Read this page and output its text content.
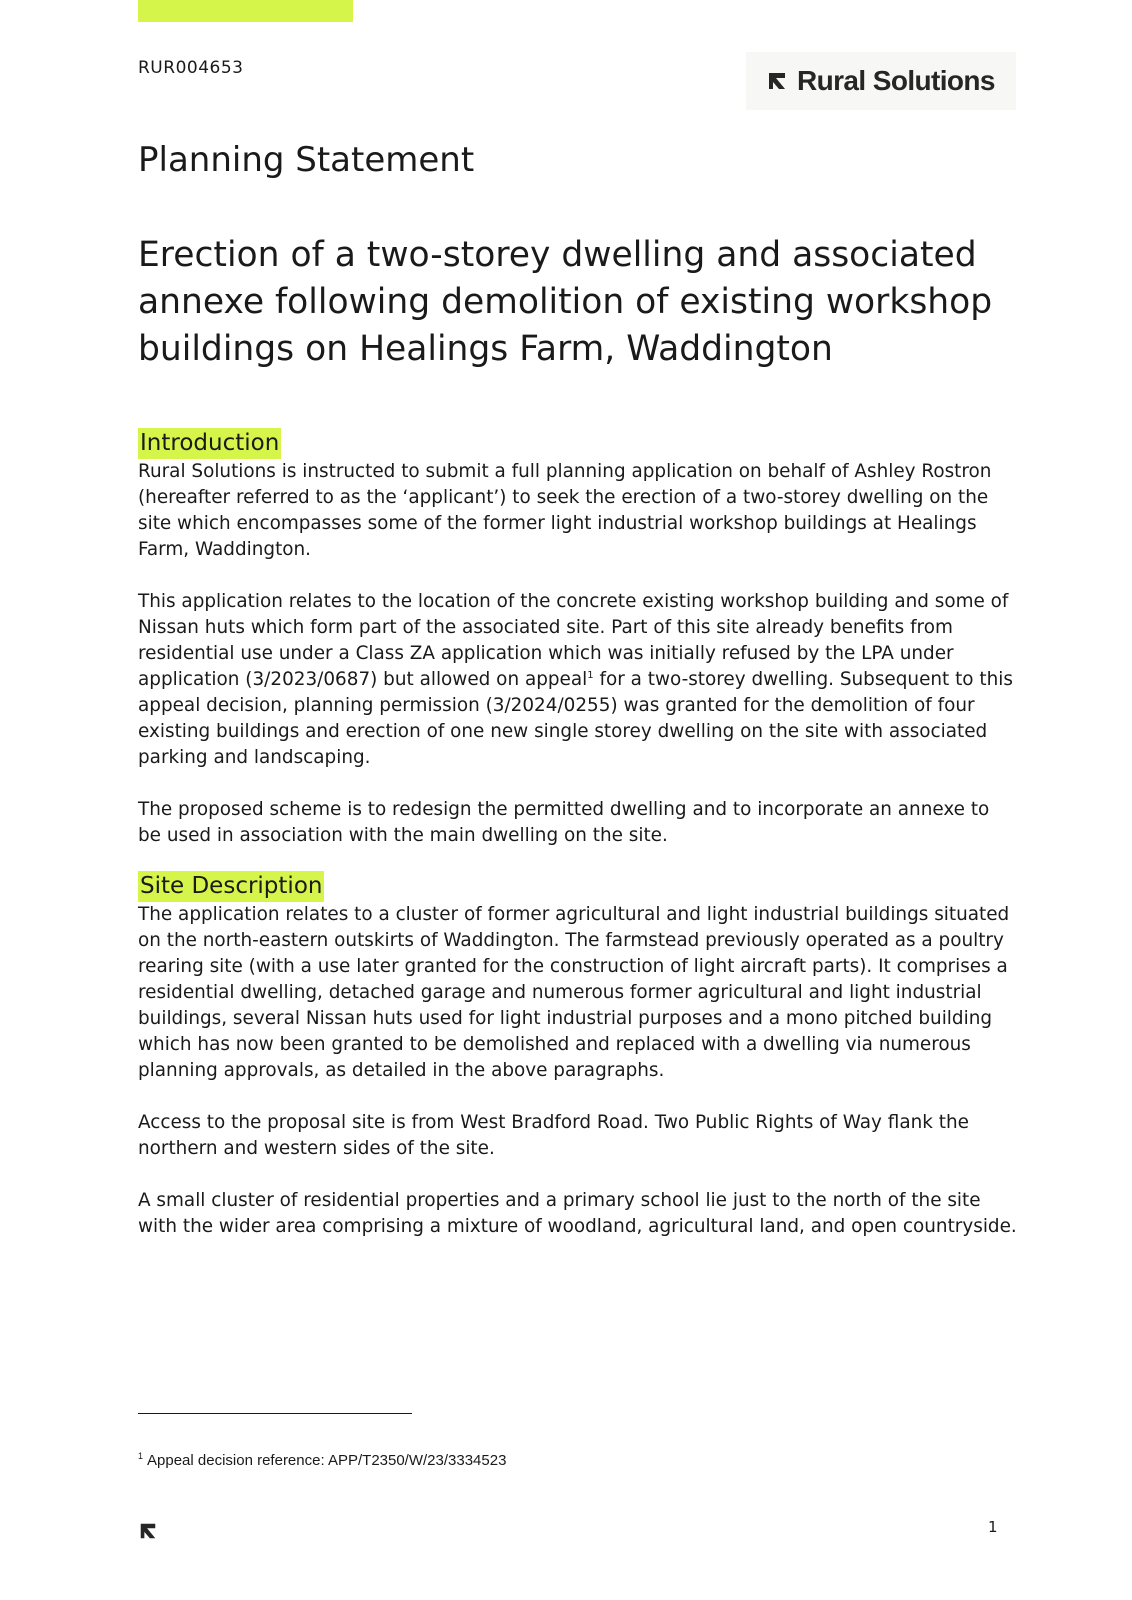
RUR004653	Rural Solutions
Planning Statement
Erection of a two-storey dwelling and associated annexe following demolition of existing workshop buildings on Healings Farm, Waddington
Introduction

Rural Solutions is instructed to submit a full planning application on behalf of Ashley Rostron (hereafter referred to as the ‘applicant’) to seek the erection of a two-storey dwelling on the site which encompasses some of the former light industrial workshop buildings at Healings Farm, Waddington.

This application relates to the location of the concrete existing workshop building and some of Nissan huts which form part of the associated site. Part of this site already benefits from residential use under a Class ZA application which was initially refused by the LPA under application (3/2023/0687) but allowed on appeal$^1$ for a two-storey dwelling. Subsequent to this appeal decision, planning permission (3/2024/0255) was granted for the demolition of four existing buildings and erection of one new single storey dwelling on the site with associated parking and landscaping.

The proposed scheme is to redesign the permitted dwelling and to incorporate an annexe to be used in association with the main dwelling on the site.

Site Description

The application relates to a cluster of former agricultural and light industrial buildings situated on the north-eastern outskirts of Waddington. The farmstead previously operated as a poultry rearing site (with a use later granted for the construction of light aircraft parts). It comprises a residential dwelling, detached garage and numerous former agricultural and light industrial buildings, several Nissan huts used for light industrial purposes and a mono pitched building which has now been granted to be demolished and replaced with a dwelling via numerous planning approvals, as detailed in the above paragraphs.

Access to the proposal site is from West Bradford Road. Two Public Rights of Way flank the northern and western sides of the site.

A small cluster of residential properties and a primary school lie just to the north of the site with the wider area comprising a mixture of woodland, agricultural land, and open countryside.

$^1$ Appeal decision reference: APP/T2350/W/23/3334523
1
